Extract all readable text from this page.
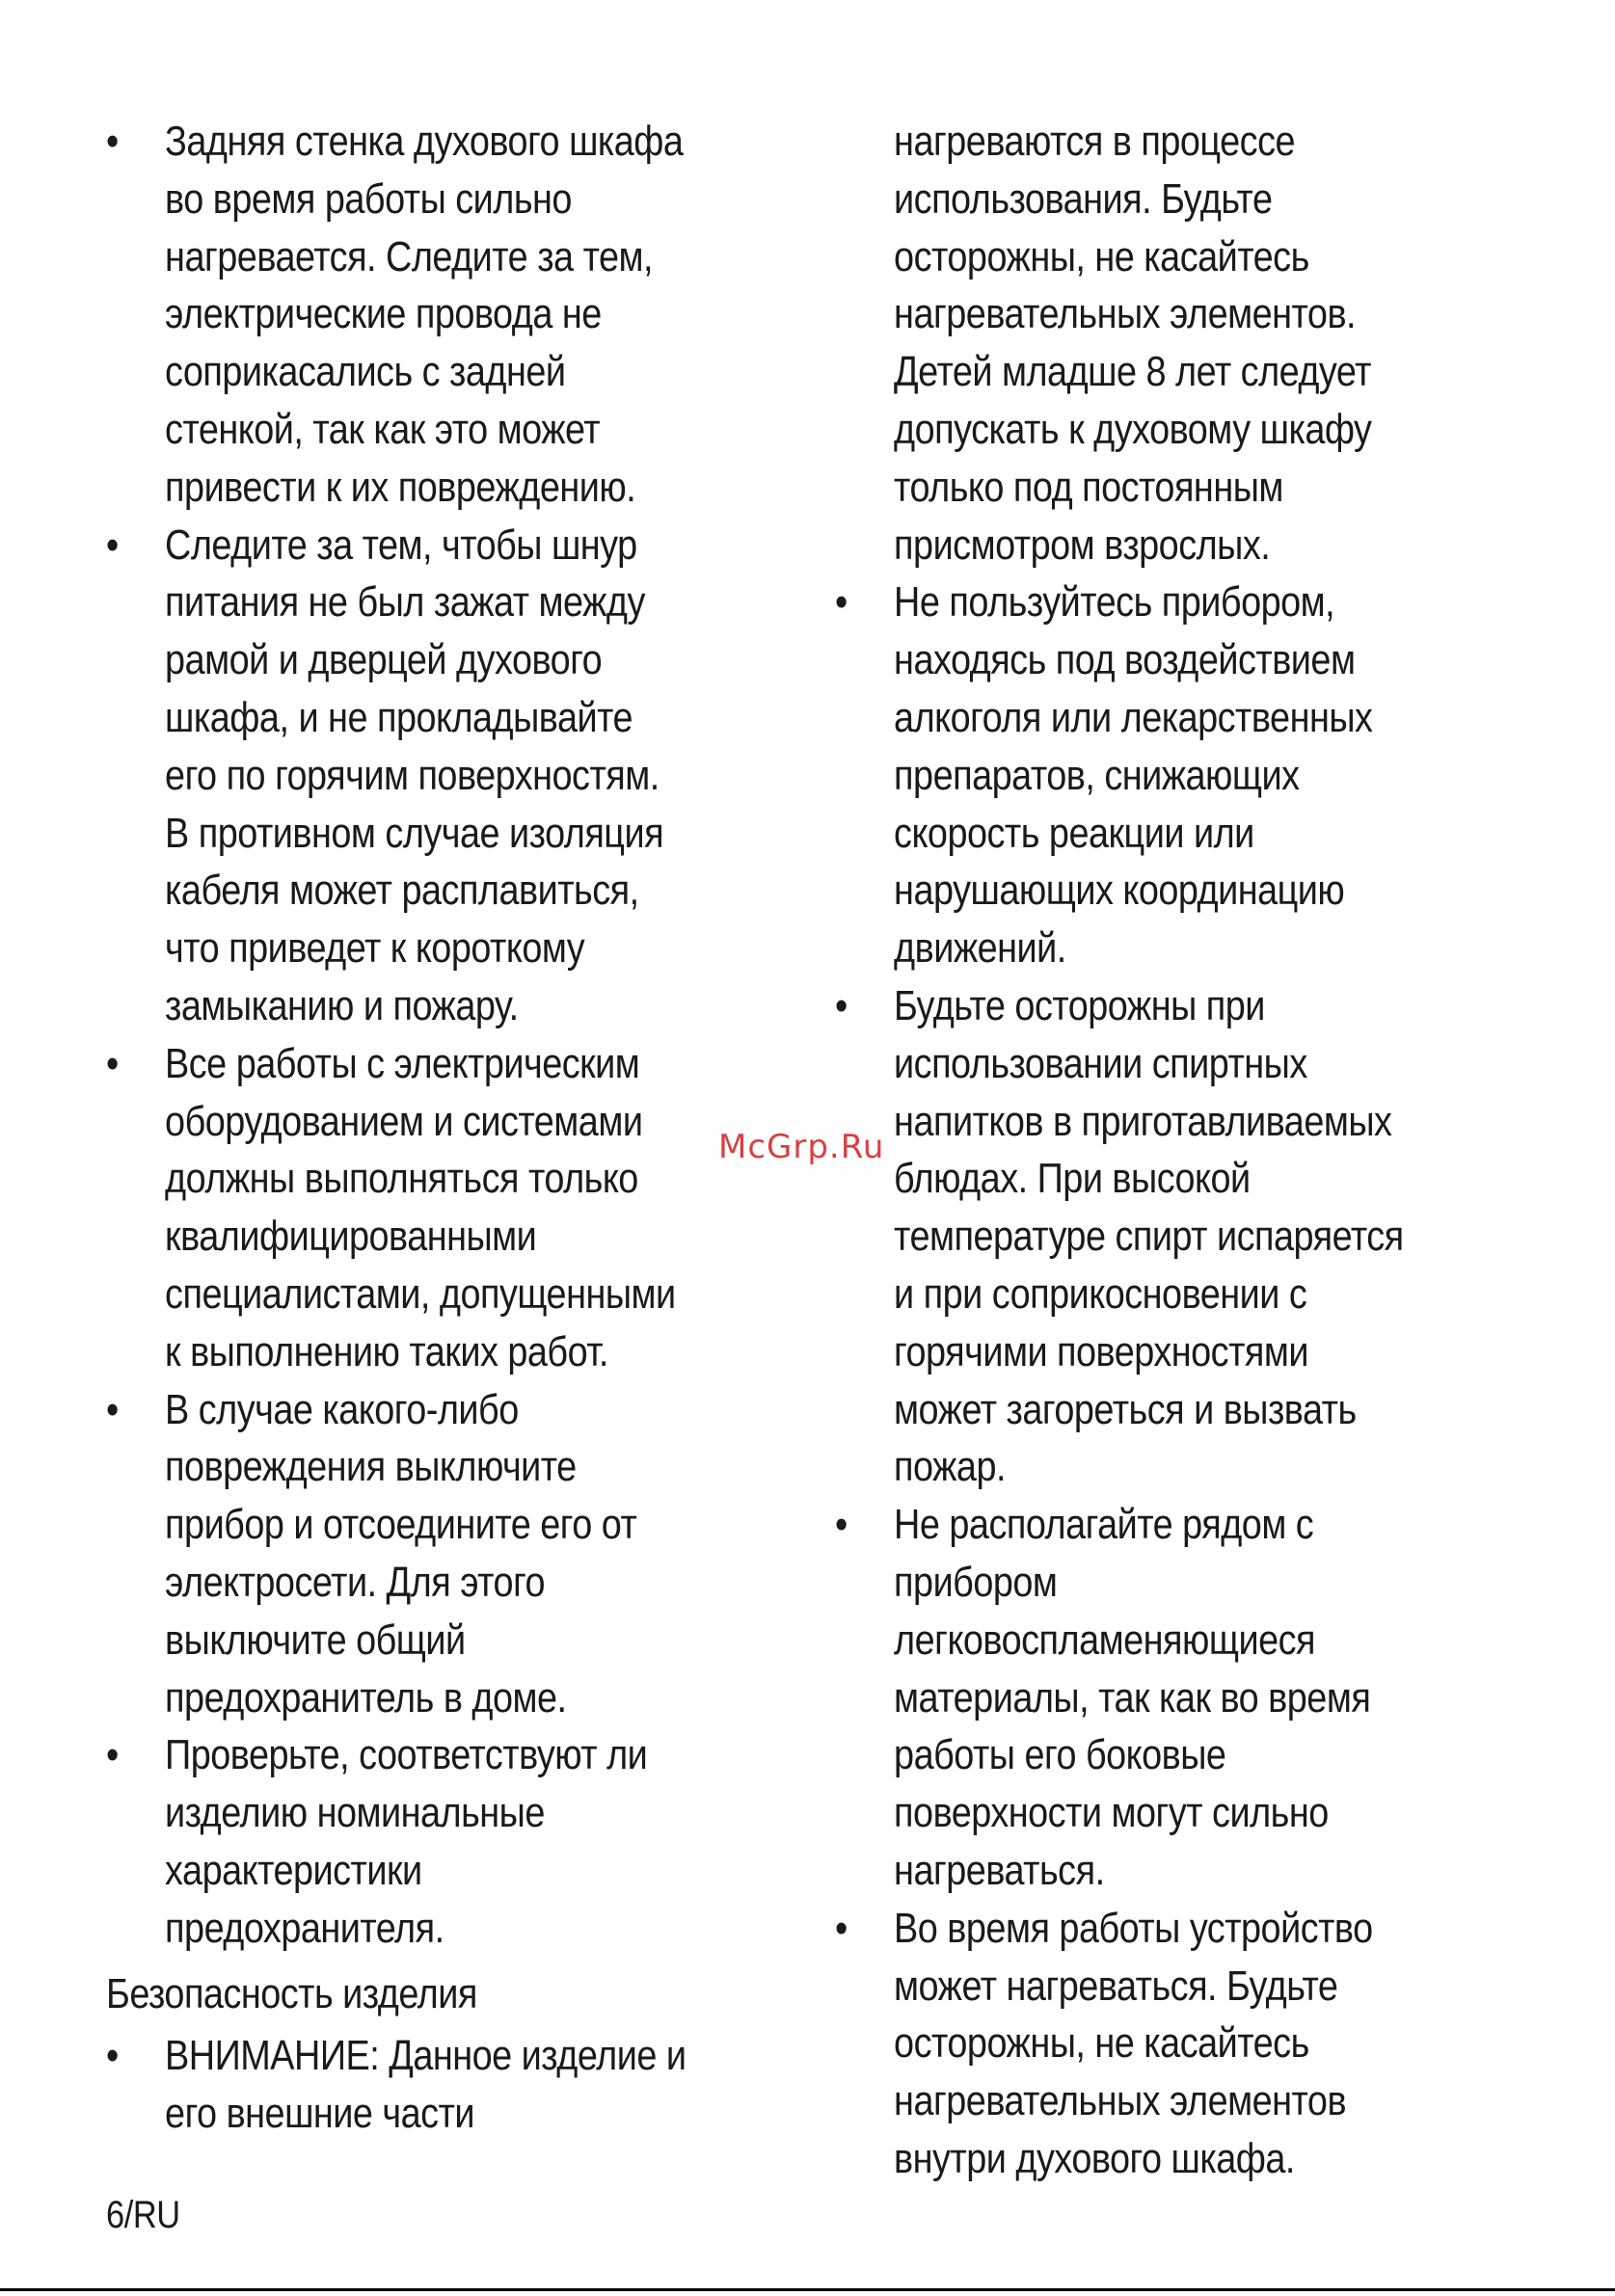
• Задняя стенка духового шкафа
во время работы сильно
нагревается. Следите за тем,
электрические провода не
соприкасались с задней
стенкой, так как это может
привести к их повреждению.
• Следите за тем, чтобы шнур
питания не был зажат между
рамой и дверцей духового
шкафа, и не прокладывайте
его по горячим поверхностям.
В противном случае изоляция
кабеля может расплавиться,
что приведет к короткому
замыканию и пожару.
• Все работы с электрическим
оборудованием и системами
должны выполняться только
квалифицированными
специалистами, допущенными
к выполнению таких работ.
• В случае какого-либо
повреждения выключите
прибор и отсоедините его от
электросети. Для этого
выключите общий
предохранитель в доме.
• Проверьте, соответствуют ли
изделию номинальные
характеристики
предохранителя.
Безопасность изделия
• ВНИМАНИЕ: Данное изделие и
его внешние части
нагреваются в процессе
использования. Будьте
осторожны, не касайтесь
нагревательных элементов.
Детей младше 8 лет следует
допускать к духовому шкафу
только под постоянным
присмотром взрослых.
• Не пользуйтесь прибором,
находясь под воздействием
алкоголя или лекарственных
препаратов, снижающих
скорость реакции или
нарушающих координацию
движений.
• Будьте осторожны при
использовании спиртных
напитков в приготавливаемых
блюдах. При высокой
температуре спирт испаряется
и при соприкосновении с
горячими поверхностями
может загореться и вызвать
пожар.
• Не располагайте рядом с
прибором
легковоспламеняющиеся
материалы, так как во время
работы его боковые
поверхности могут сильно
нагреваться.
• Во время работы устройство
может нагреваться. Будьте
осторожны, не касайтесь
нагревательных элементов
внутри духового шкафа.
McGrp.Ru
6/RU
